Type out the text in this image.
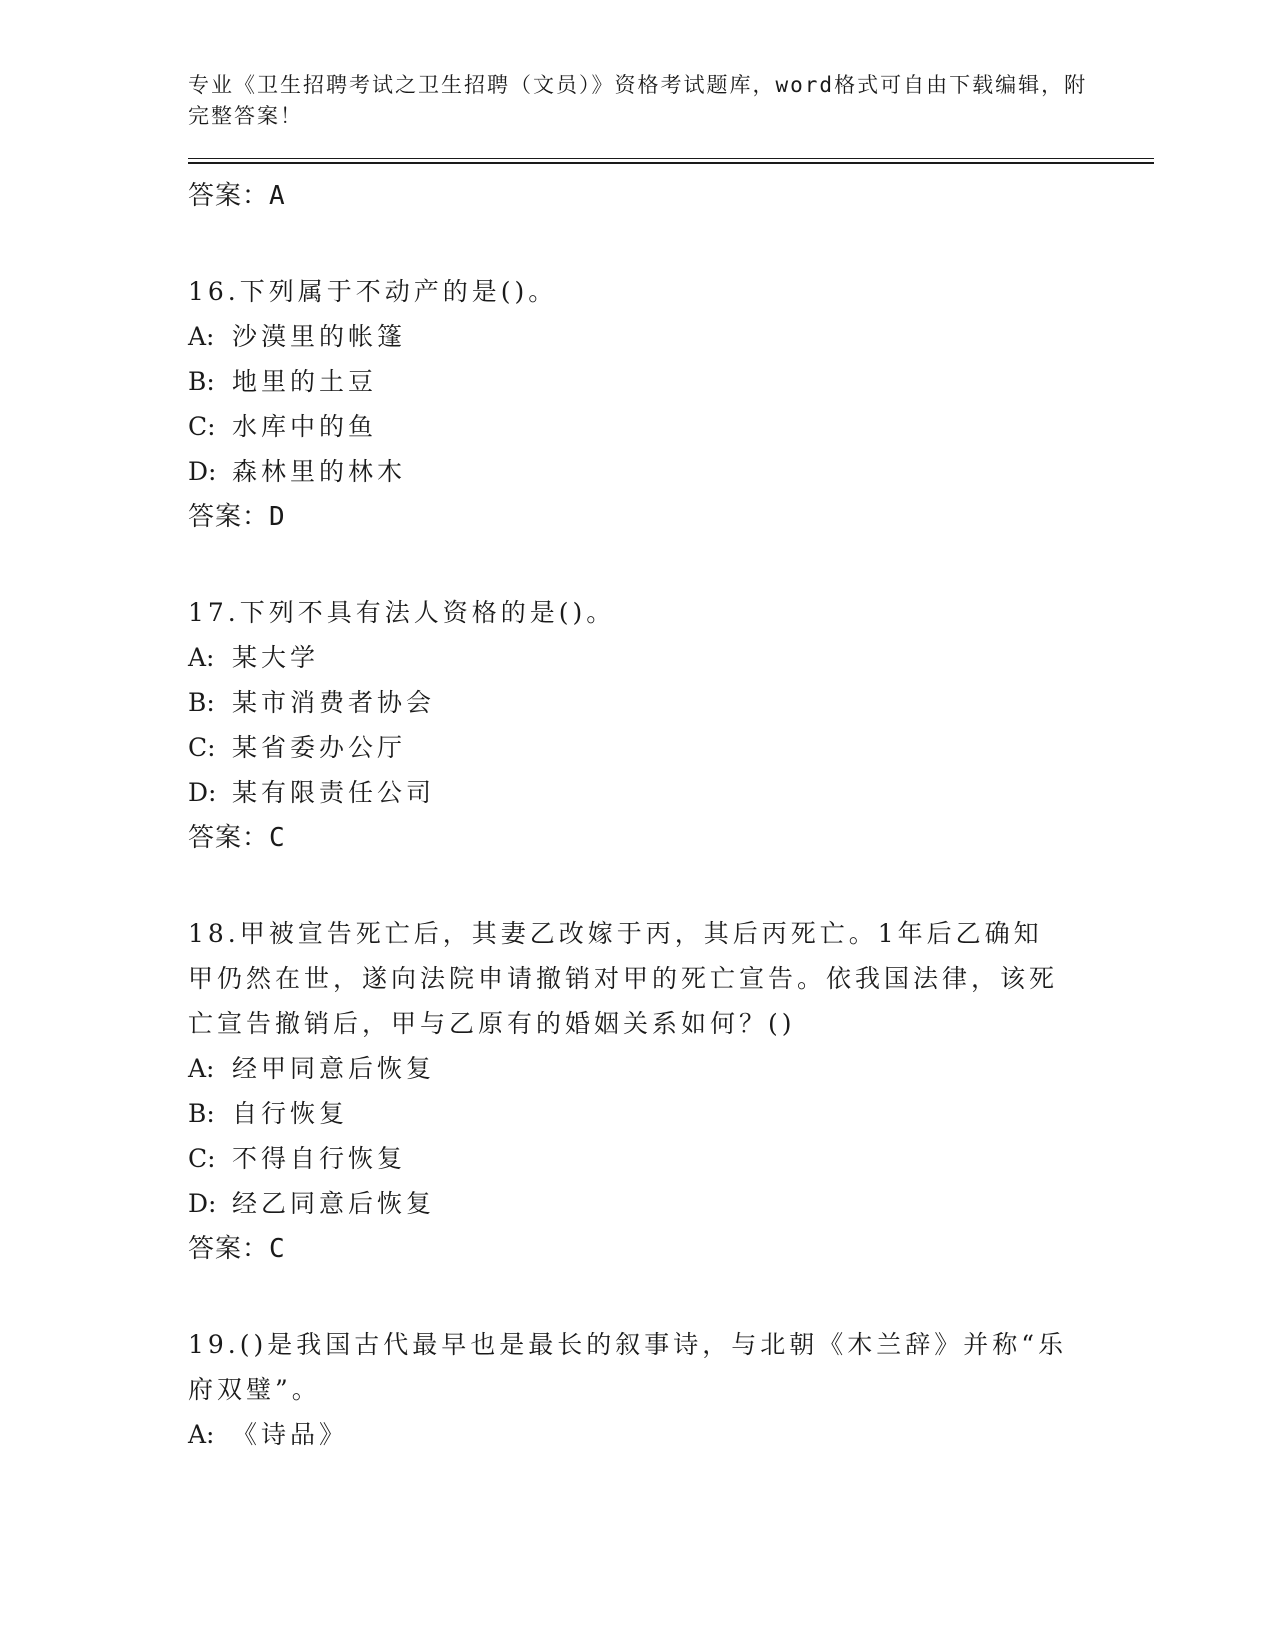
专业《卫生招聘考试之卫生招聘（文员）》资格考试题库，word格式可自由下载编辑，附完整答案！

答案：A

16.下列属于不动产的是()。

A: 沙漠里的帐篷

B: 地里的土豆

C: 水库中的鱼

D: 森林里的林木

答案：D

17.下列不具有法人资格的是()。

A: 某大学

B: 某市消费者协会

C: 某省委办公厅

D: 某有限责任公司

答案：C

18.甲被宣告死亡后，其妻乙改嫁于丙，其后丙死亡。1年后乙确知甲仍然在世，遂向法院申请撤销对甲的死亡宣告。依我国法律，该死亡宣告撤销后，甲与乙原有的婚姻关系如何？()

A: 经甲同意后恢复

B: 自行恢复

C: 不得自行恢复

D: 经乙同意后恢复

答案：C

19.()是我国古代最早也是最长的叙事诗，与北朝《木兰辞》并称“乐府双璧”。

A: 《诗品》
